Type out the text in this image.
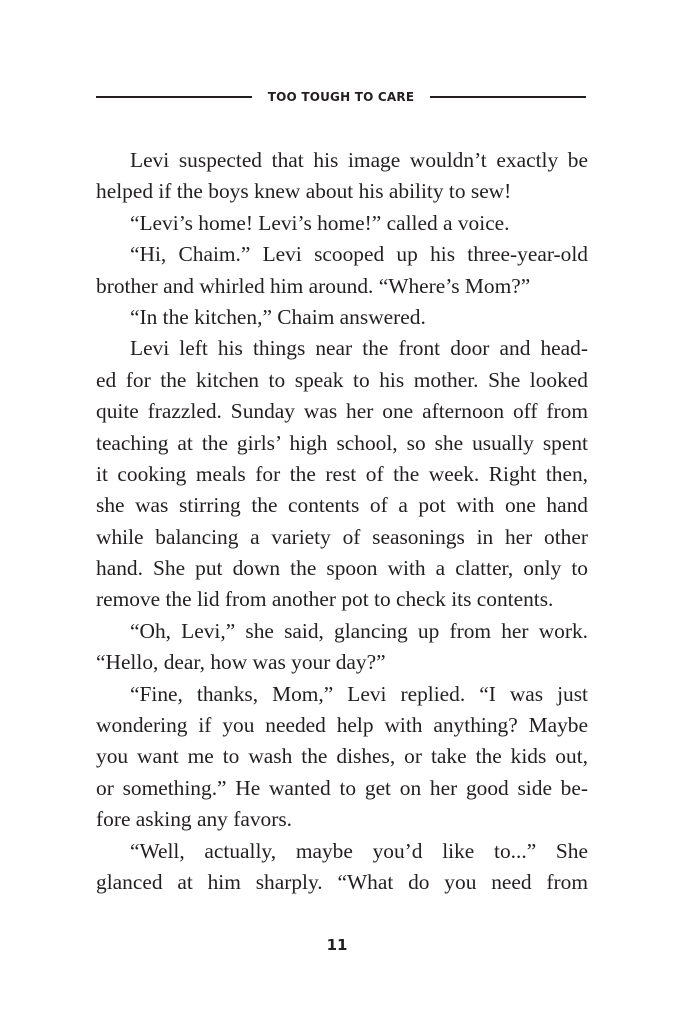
TOO TOUGH TO CARE
Levi suspected that his image wouldn’t exactly be
helped if the boys knew about his ability to sew!
“Levi’s home! Levi’s home!” called a voice.
“Hi, Chaim.” Levi scooped up his three-year-old
brother and whirled him around. “Where’s Mom?”
“In the kitchen,” Chaim answered.
Levi left his things near the front door and head-
ed for the kitchen to speak to his mother. She looked
quite frazzled. Sunday was her one afternoon off from
teaching at the girls’ high school, so she usually spent
it cooking meals for the rest of the week. Right then,
she was stirring the contents of a pot with one hand
while balancing a variety of seasonings in her other
hand. She put down the spoon with a clatter, only to
remove the lid from another pot to check its contents.
“Oh, Levi,” she said, glancing up from her work.
“Hello, dear, how was your day?”
“Fine, thanks, Mom,” Levi replied. “I was just
wondering if you needed help with anything? Maybe
you want me to wash the dishes, or take the kids out,
or something.” He wanted to get on her good side be-
fore asking any favors.
“Well, actually, maybe you’d like to...” She
glanced at him sharply. “What do you need from
11
